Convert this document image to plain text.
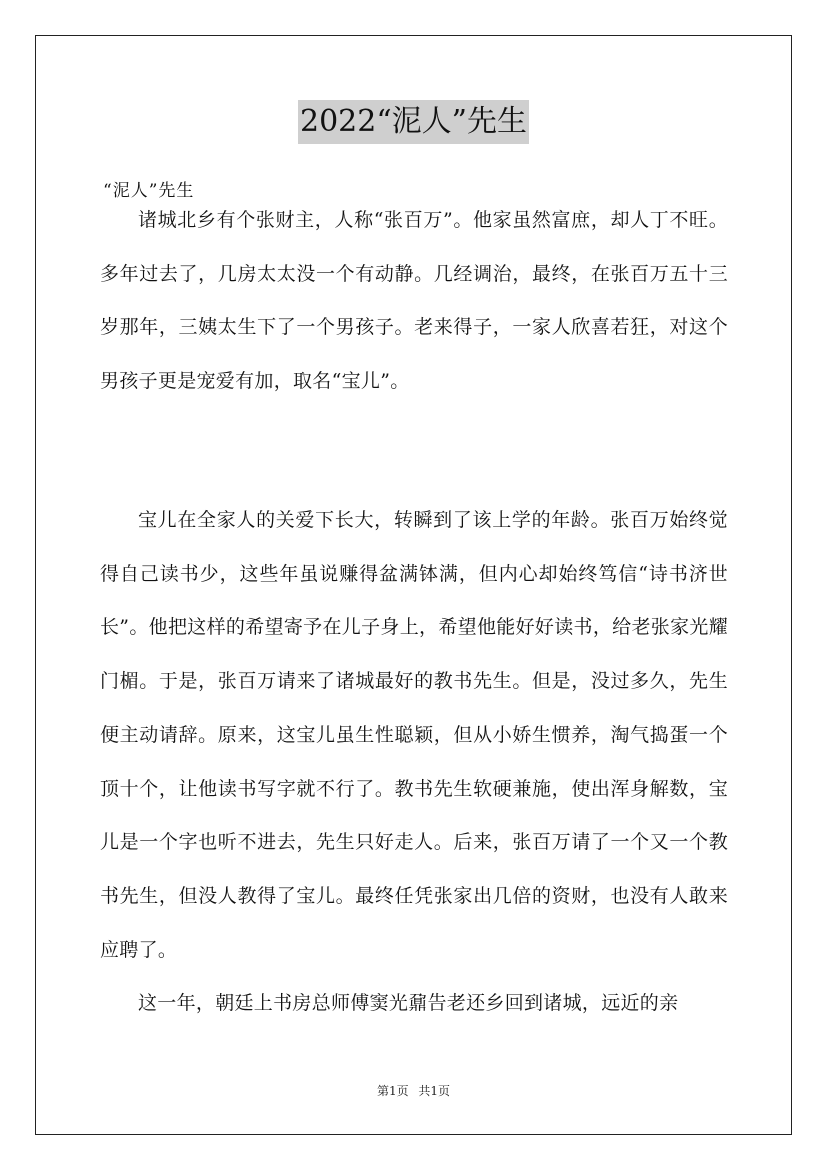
2022“泥人”先生
“泥人”先生

诸城北乡有个张财主，人称“张百万”。他家虽然富庶，却人丁不旺。多年过去了，几房太太没一个有动静。几经调治，最终，在张百万五十三岁那年，三姨太生下了一个男孩子。老来得子，一家人欣喜若狂，对这个男孩子更是宠爱有加，取名“宝儿”。

宝儿在全家人的关爱下长大，转瞬到了该上学的年龄。张百万始终觉得自己读书少，这些年虽说赚得盆满钵满，但内心却始终笃信“诗书济世长”。他把这样的希望寄予在儿子身上，希望他能好好读书，给老张家光耀门楣。于是，张百万请来了诸城最好的教书先生。但是，没过多久，先生便主动请辞。原来，这宝儿虽生性聪颖，但从小娇生惯养，淘气捣蛋一个顶十个，让他读书写字就不行了。教书先生软硬兼施，使出浑身解数，宝儿是一个字也听不进去，先生只好走人。后来，张百万请了一个又一个教书先生，但没人教得了宝儿。最终任凭张家出几倍的资财，也没有人敢来应聘了。

这一年，朝廷上书房总师傅窦光鼐告老还乡回到诸城，远近的亲

第1页 共1页
